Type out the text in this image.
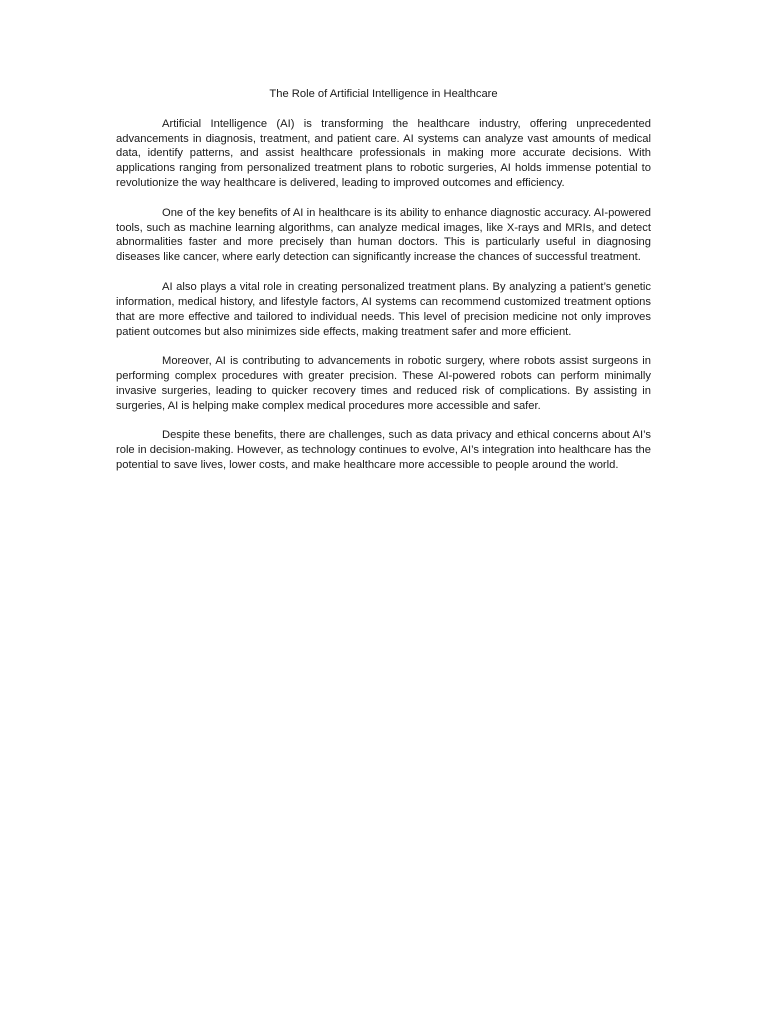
The Role of Artificial Intelligence in Healthcare

Artificial Intelligence (AI) is transforming the healthcare industry, offering unprecedented advancements in diagnosis, treatment, and patient care. AI systems can analyze vast amounts of medical data, identify patterns, and assist healthcare professionals in making more accurate decisions. With applications ranging from personalized treatment plans to robotic surgeries, AI holds immense potential to revolutionize the way healthcare is delivered, leading to improved outcomes and efficiency.

One of the key benefits of AI in healthcare is its ability to enhance diagnostic accuracy. AI-powered tools, such as machine learning algorithms, can analyze medical images, like X-rays and MRIs, and detect abnormalities faster and more precisely than human doctors. This is particularly useful in diagnosing diseases like cancer, where early detection can significantly increase the chances of successful treatment.

AI also plays a vital role in creating personalized treatment plans. By analyzing a patient’s genetic information, medical history, and lifestyle factors, AI systems can recommend customized treatment options that are more effective and tailored to individual needs. This level of precision medicine not only improves patient outcomes but also minimizes side effects, making treatment safer and more efficient.

Moreover, AI is contributing to advancements in robotic surgery, where robots assist surgeons in performing complex procedures with greater precision. These AI-powered robots can perform minimally invasive surgeries, leading to quicker recovery times and reduced risk of complications. By assisting in surgeries, AI is helping make complex medical procedures more accessible and safer.

Despite these benefits, there are challenges, such as data privacy and ethical concerns about AI’s role in decision-making. However, as technology continues to evolve, AI’s integration into healthcare has the potential to save lives, lower costs, and make healthcare more accessible to people around the world.
